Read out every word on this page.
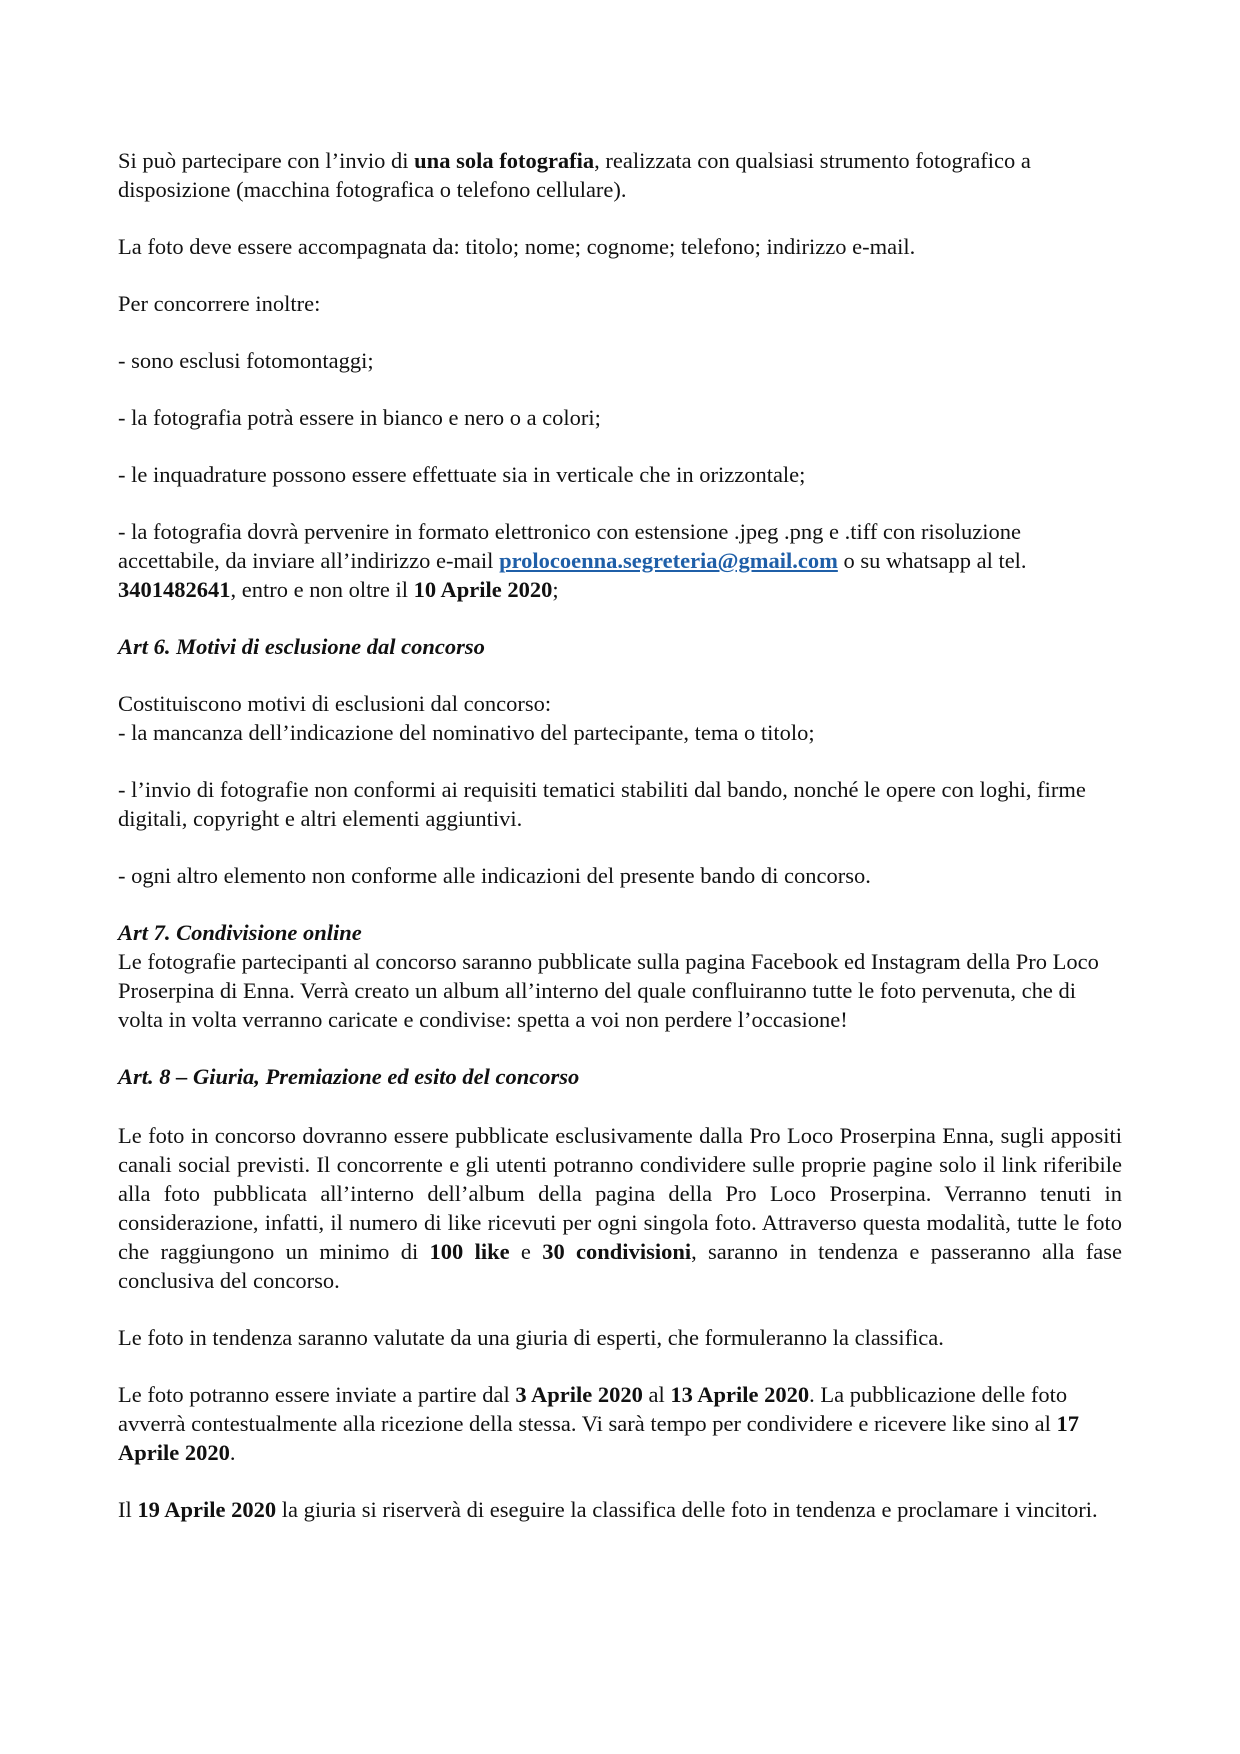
Si può partecipare con l’invio di una sola fotografia, realizzata con qualsiasi strumento fotografico a disposizione (macchina fotografica o telefono cellulare).

La foto deve essere accompagnata da: titolo; nome; cognome; telefono; indirizzo e-mail.

Per concorrere inoltre:

- sono esclusi fotomontaggi;

- la fotografia potrà essere in bianco e nero o a colori;

- le inquadrature possono essere effettuate sia in verticale che in orizzontale;

- la fotografia dovrà pervenire in formato elettronico con estensione .jpeg .png e .tiff con risoluzione accettabile, da inviare all’indirizzo e-mail prolocoenna.segreteria@gmail.com o su whatsapp al tel. 3401482641, entro e non oltre il 10 Aprile 2020;

Art 6. Motivi di esclusione dal concorso

Costituiscono motivi di esclusioni dal concorso:

- la mancanza dell’indicazione del nominativo del partecipante, tema o titolo;

- l’invio di fotografie non conformi ai requisiti tematici stabiliti dal bando, nonché le opere con loghi, firme digitali, copyright e altri elementi aggiuntivi.

- ogni altro elemento non conforme alle indicazioni del presente bando di concorso.

Art 7. Condivisione online

Le fotografie partecipanti al concorso saranno pubblicate sulla pagina Facebook ed Instagram della Pro Loco Proserpina di Enna. Verrà creato un album all’interno del quale confluiranno tutte le foto pervenuta, che di volta in volta verranno caricate e condivise: spetta a voi non perdere l’occasione!

Art. 8 – Giuria, Premiazione ed esito del concorso

Le foto in concorso dovranno essere pubblicate esclusivamente dalla Pro Loco Proserpina Enna, sugli appositi canali social previsti. Il concorrente e gli utenti potranno condividere sulle proprie pagine solo il link riferibile alla foto pubblicata all’interno dell’album della pagina della Pro Loco Proserpina. Verranno tenuti in considerazione, infatti, il numero di like ricevuti per ogni singola foto. Attraverso questa modalità, tutte le foto che raggiungono un minimo di 100 like e 30 condivisioni, saranno in tendenza e passeranno alla fase conclusiva del concorso.

Le foto in tendenza saranno valutate da una giuria di esperti, che formuleranno la classifica.

Le foto potranno essere inviate a partire dal 3 Aprile 2020 al 13 Aprile 2020. La pubblicazione delle foto avverrà contestualmente alla ricezione della stessa. Vi sarà tempo per condividere e ricevere like sino al 17 Aprile 2020.

Il 19 Aprile 2020 la giuria si riserverà di eseguire la classifica delle foto in tendenza e proclamare i vincitori.
